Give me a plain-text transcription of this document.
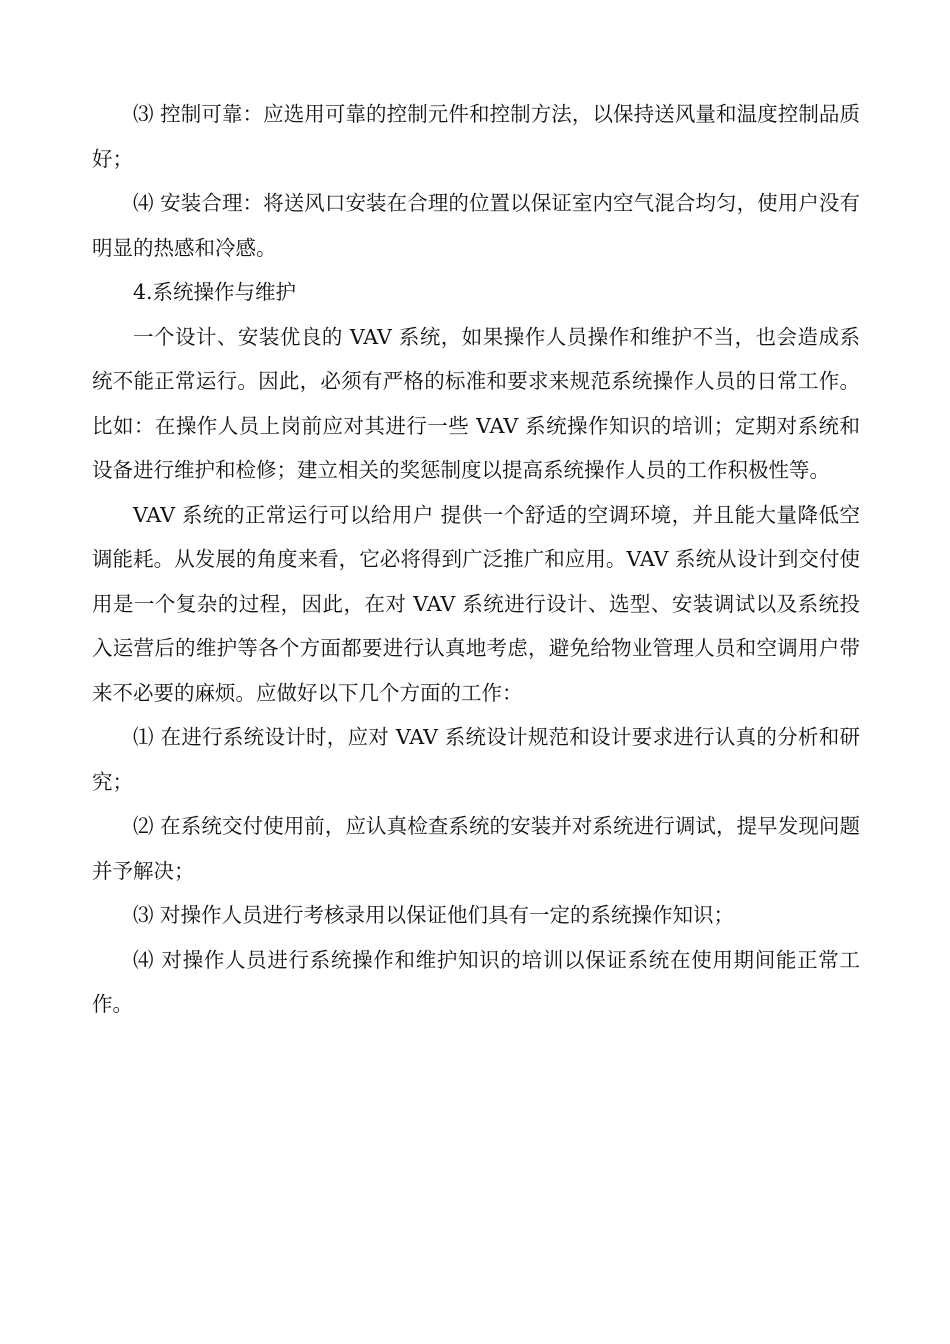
⑶ 控制可靠：应选用可靠的控制元件和控制方法，以保持送风量和温度控制品质好；

⑷ 安装合理：将送风口安装在合理的位置以保证室内空气混合均匀，使用户没有明显的热感和冷感。

4.系统操作与维护

一个设计、安装优良的 VAV 系统，如果操作人员操作和维护不当，也会造成系统不能正常运行。因此，必须有严格的标准和要求来规范系统操作人员的日常工作。比如：在操作人员上岗前应对其进行一些 VAV 系统操作知识的培训；定期对系统和设备进行维护和检修；建立相关的奖惩制度以提高系统操作人员的工作积极性等。

VAV 系统的正常运行可以给用户 提供一个舒适的空调环境，并且能大量降低空调能耗。从发展的角度来看，它必将得到广泛推广和应用。VAV 系统从设计到交付使用是一个复杂的过程，因此，在对 VAV 系统进行设计、选型、安装调试以及系统投入运营后的维护等各个方面都要进行认真地考虑，避免给物业管理人员和空调用户带来不必要的麻烦。应做好以下几个方面的工作：

⑴ 在进行系统设计时，应对 VAV 系统设计规范和设计要求进行认真的分析和研究；

⑵ 在系统交付使用前，应认真检查系统的安装并对系统进行调试，提早发现问题并予解决；

⑶ 对操作人员进行考核录用以保证他们具有一定的系统操作知识；

⑷ 对操作人员进行系统操作和维护知识的培训以保证系统在使用期间能正常工作。
